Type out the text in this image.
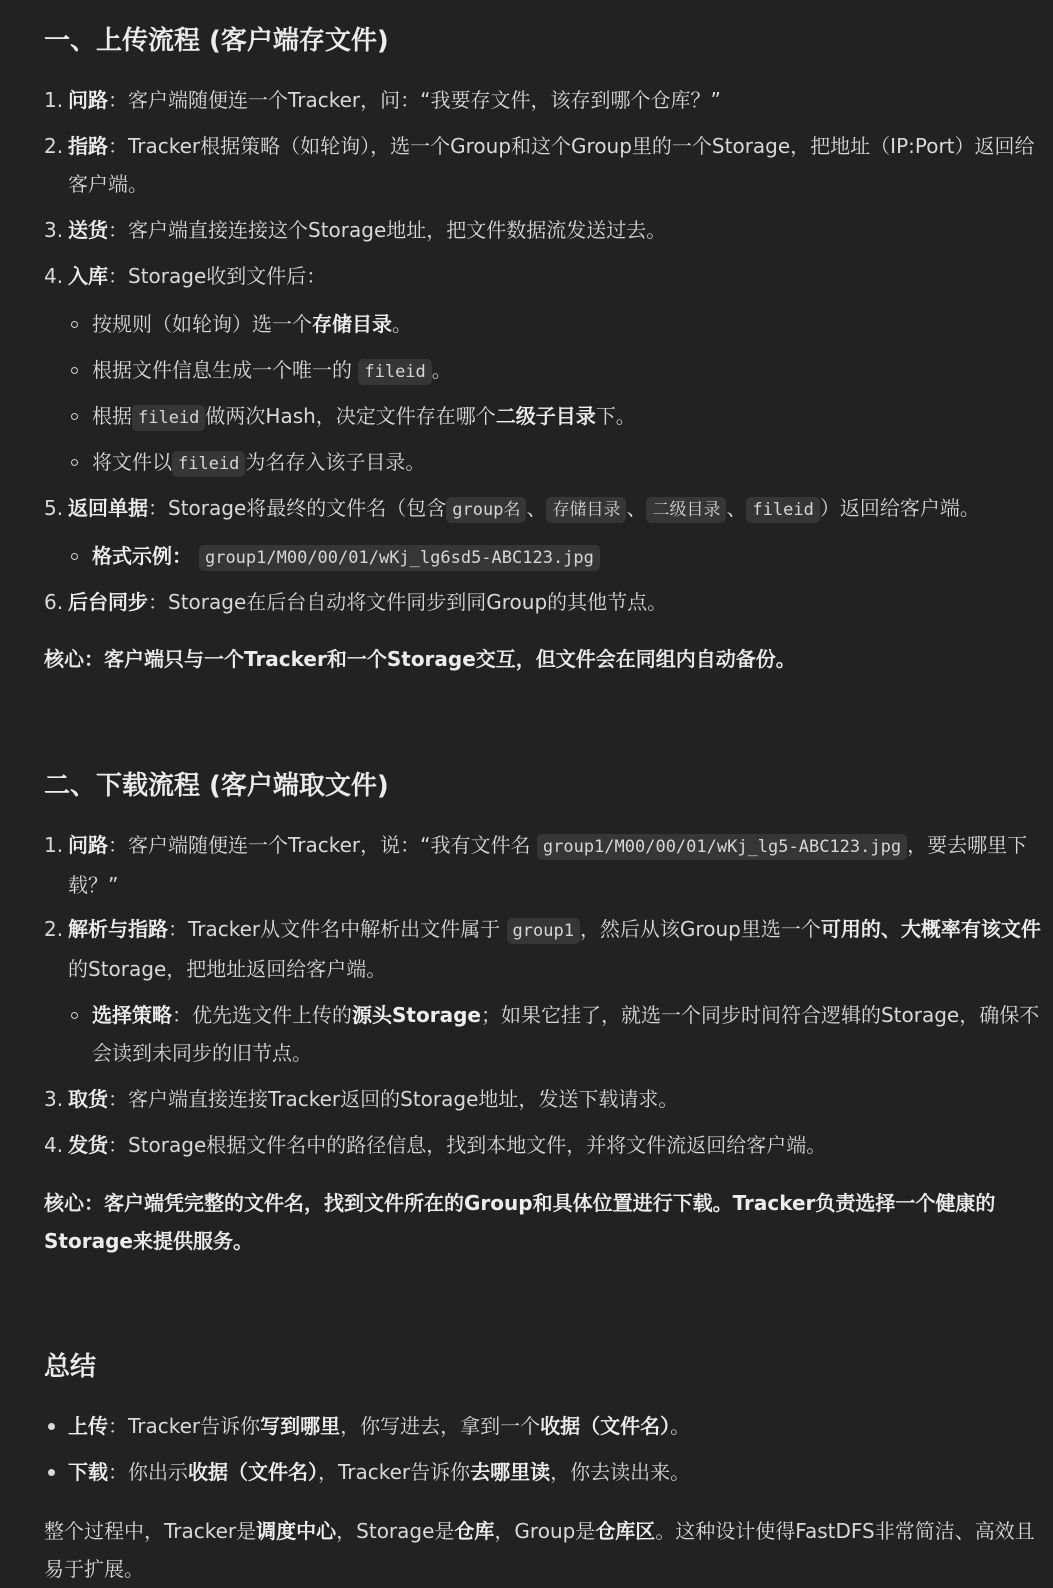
一、上传流程 (客户端存文件)
1. 问路：客户端随便连一个Tracker，问：“我要存文件，该存到哪个仓库？”
2. 指路：Tracker根据策略（如轮询），选一个Group和这个Group里的一个Storage，把地址（IP:Port）返回给客户端。
3. 送货：客户端直接连接这个Storage地址，把文件数据流发送过去。
4. 入库：Storage收到文件后：
按规则（如轮询）选一个存储目录。
根据文件信息生成一个唯一的 fileid 。
根据 fileid 做两次Hash，决定文件存在哪个二级子目录下。
将文件以 fileid 为名存入该子目录。
5. 返回单据：Storage将最终的文件名（包含 group名 、 存储目录 、 二级目录 、 fileid ）返回给客户端。
格式示例： group1/M00/00/01/wKj_lg6sd5-ABC123.jpg
6. 后台同步：Storage在后台自动将文件同步到同Group的其他节点。
核心：客户端只与一个Tracker和一个Storage交互，但文件会在同组内自动备份。
二、下载流程 (客户端取文件)
1. 问路：客户端随便连一个Tracker，说：“我有文件名 group1/M00/00/01/wKj_lg5-ABC123.jpg ，要去哪里下载？”
2. 解析与指路：Tracker从文件名中解析出文件属于 group1 ，然后从该Group里选一个可用的、大概率有该文件的Storage，把地址返回给客户端。
选择策略：优先选文件上传的源头Storage；如果它挂了，就选一个同步时间符合逻辑的Storage，确保不会读到未同步的旧节点。
3. 取货：客户端直接连接Tracker返回的Storage地址，发送下载请求。
4. 发货：Storage根据文件名中的路径信息，找到本地文件，并将文件流返回给客户端。
核心：客户端凭完整的文件名，找到文件所在的Group和具体位置进行下载。Tracker负责选择一个健康的Storage来提供服务。
总结
上传：Tracker告诉你写到哪里，你写进去，拿到一个收据（文件名）。
下载：你出示收据（文件名），Tracker告诉你去哪里读，你去读出来。
整个过程中，Tracker是调度中心，Storage是仓库，Group是仓库区。这种设计使得FastDFS非常简洁、高效且易于扩展。
